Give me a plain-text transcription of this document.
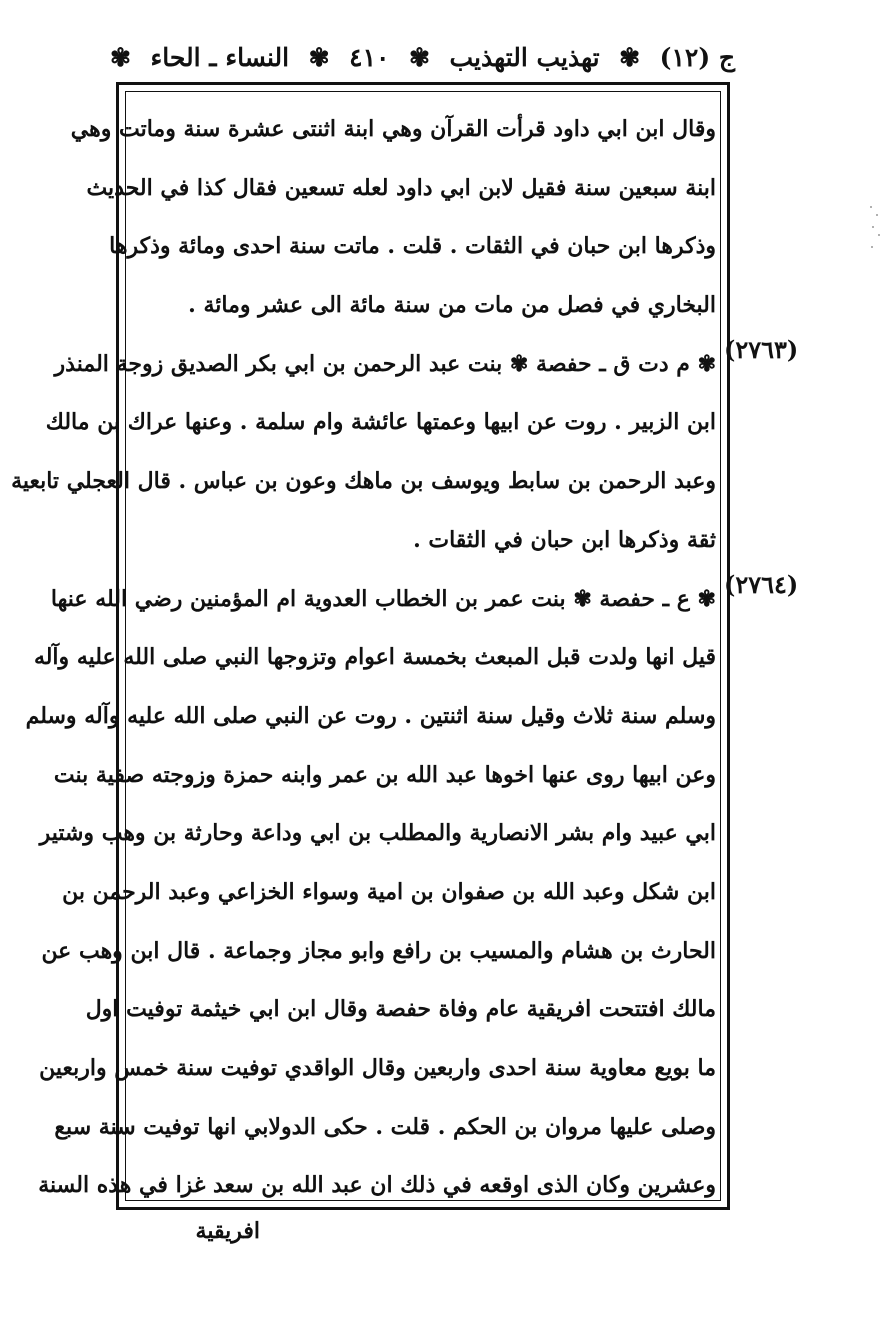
ج (١٢)
✾
تهذيب التهذيب
✾
٤١٠
✾
النساء ـ الحاء
✾
وقال ابن ابي داود قرأت القرآن وهي ابنة اثنتى عشرة سنة وماتت وهي
ابنة سبعين سنة فقيل لابن ابي داود لعله تسعين فقال كذا في الحديث
وذكرها ابن حبان في الثقات . قلت . ماتت سنة احدى ومائة وذكرها
البخاري في فصل من مات من سنة مائة الى عشر ومائة .
✾ م دت ق ـ حفصة ✾ بنت عبد الرحمن بن ابي بكر الصديق زوجة المنذر
ابن الزبير . روت عن ابيها وعمتها عائشة وام سلمة . وعنها عراك بن مالك
وعبد الرحمن بن سابط ويوسف بن ماهك وعون بن عباس . قال العجلي تابعية
ثقة وذكرها ابن حبان في الثقات .
✾ ع ـ حفصة ✾ بنت عمر بن الخطاب العدوية ام المؤمنين رضي الله عنها
قيل انها ولدت قبل المبعث بخمسة اعوام وتزوجها النبي صلى الله عليه وآله
وسلم سنة ثلاث وقيل سنة اثنتين . روت عن النبي صلى الله عليه وآله وسلم
وعن ابيها روى عنها اخوها عبد الله بن عمر وابنه حمزة وزوجته صفية بنت
ابي عبيد وام بشر الانصارية والمطلب بن ابي وداعة وحارثة بن وهب وشتير
ابن شكل وعبد الله بن صفوان بن امية وسواء الخزاعي وعبد الرحمن بن
الحارث بن هشام والمسيب بن رافع وابو مجاز وجماعة . قال ابن وهب عن
مالك افتتحت افريقية عام وفاة حفصة وقال ابن ابي خيثمة توفيت اول
ما بويع معاوية سنة احدى واربعين وقال الواقدي توفيت سنة خمس واربعين
وصلى عليها مروان بن الحكم . قلت . حكى الدولابي انها توفيت سنة سبع
وعشرين وكان الذى اوقعه في ذلك ان عبد الله بن سعد غزا في هذه السنة
(٢٧٦٣)
(٢٧٦٤)
افريقية
